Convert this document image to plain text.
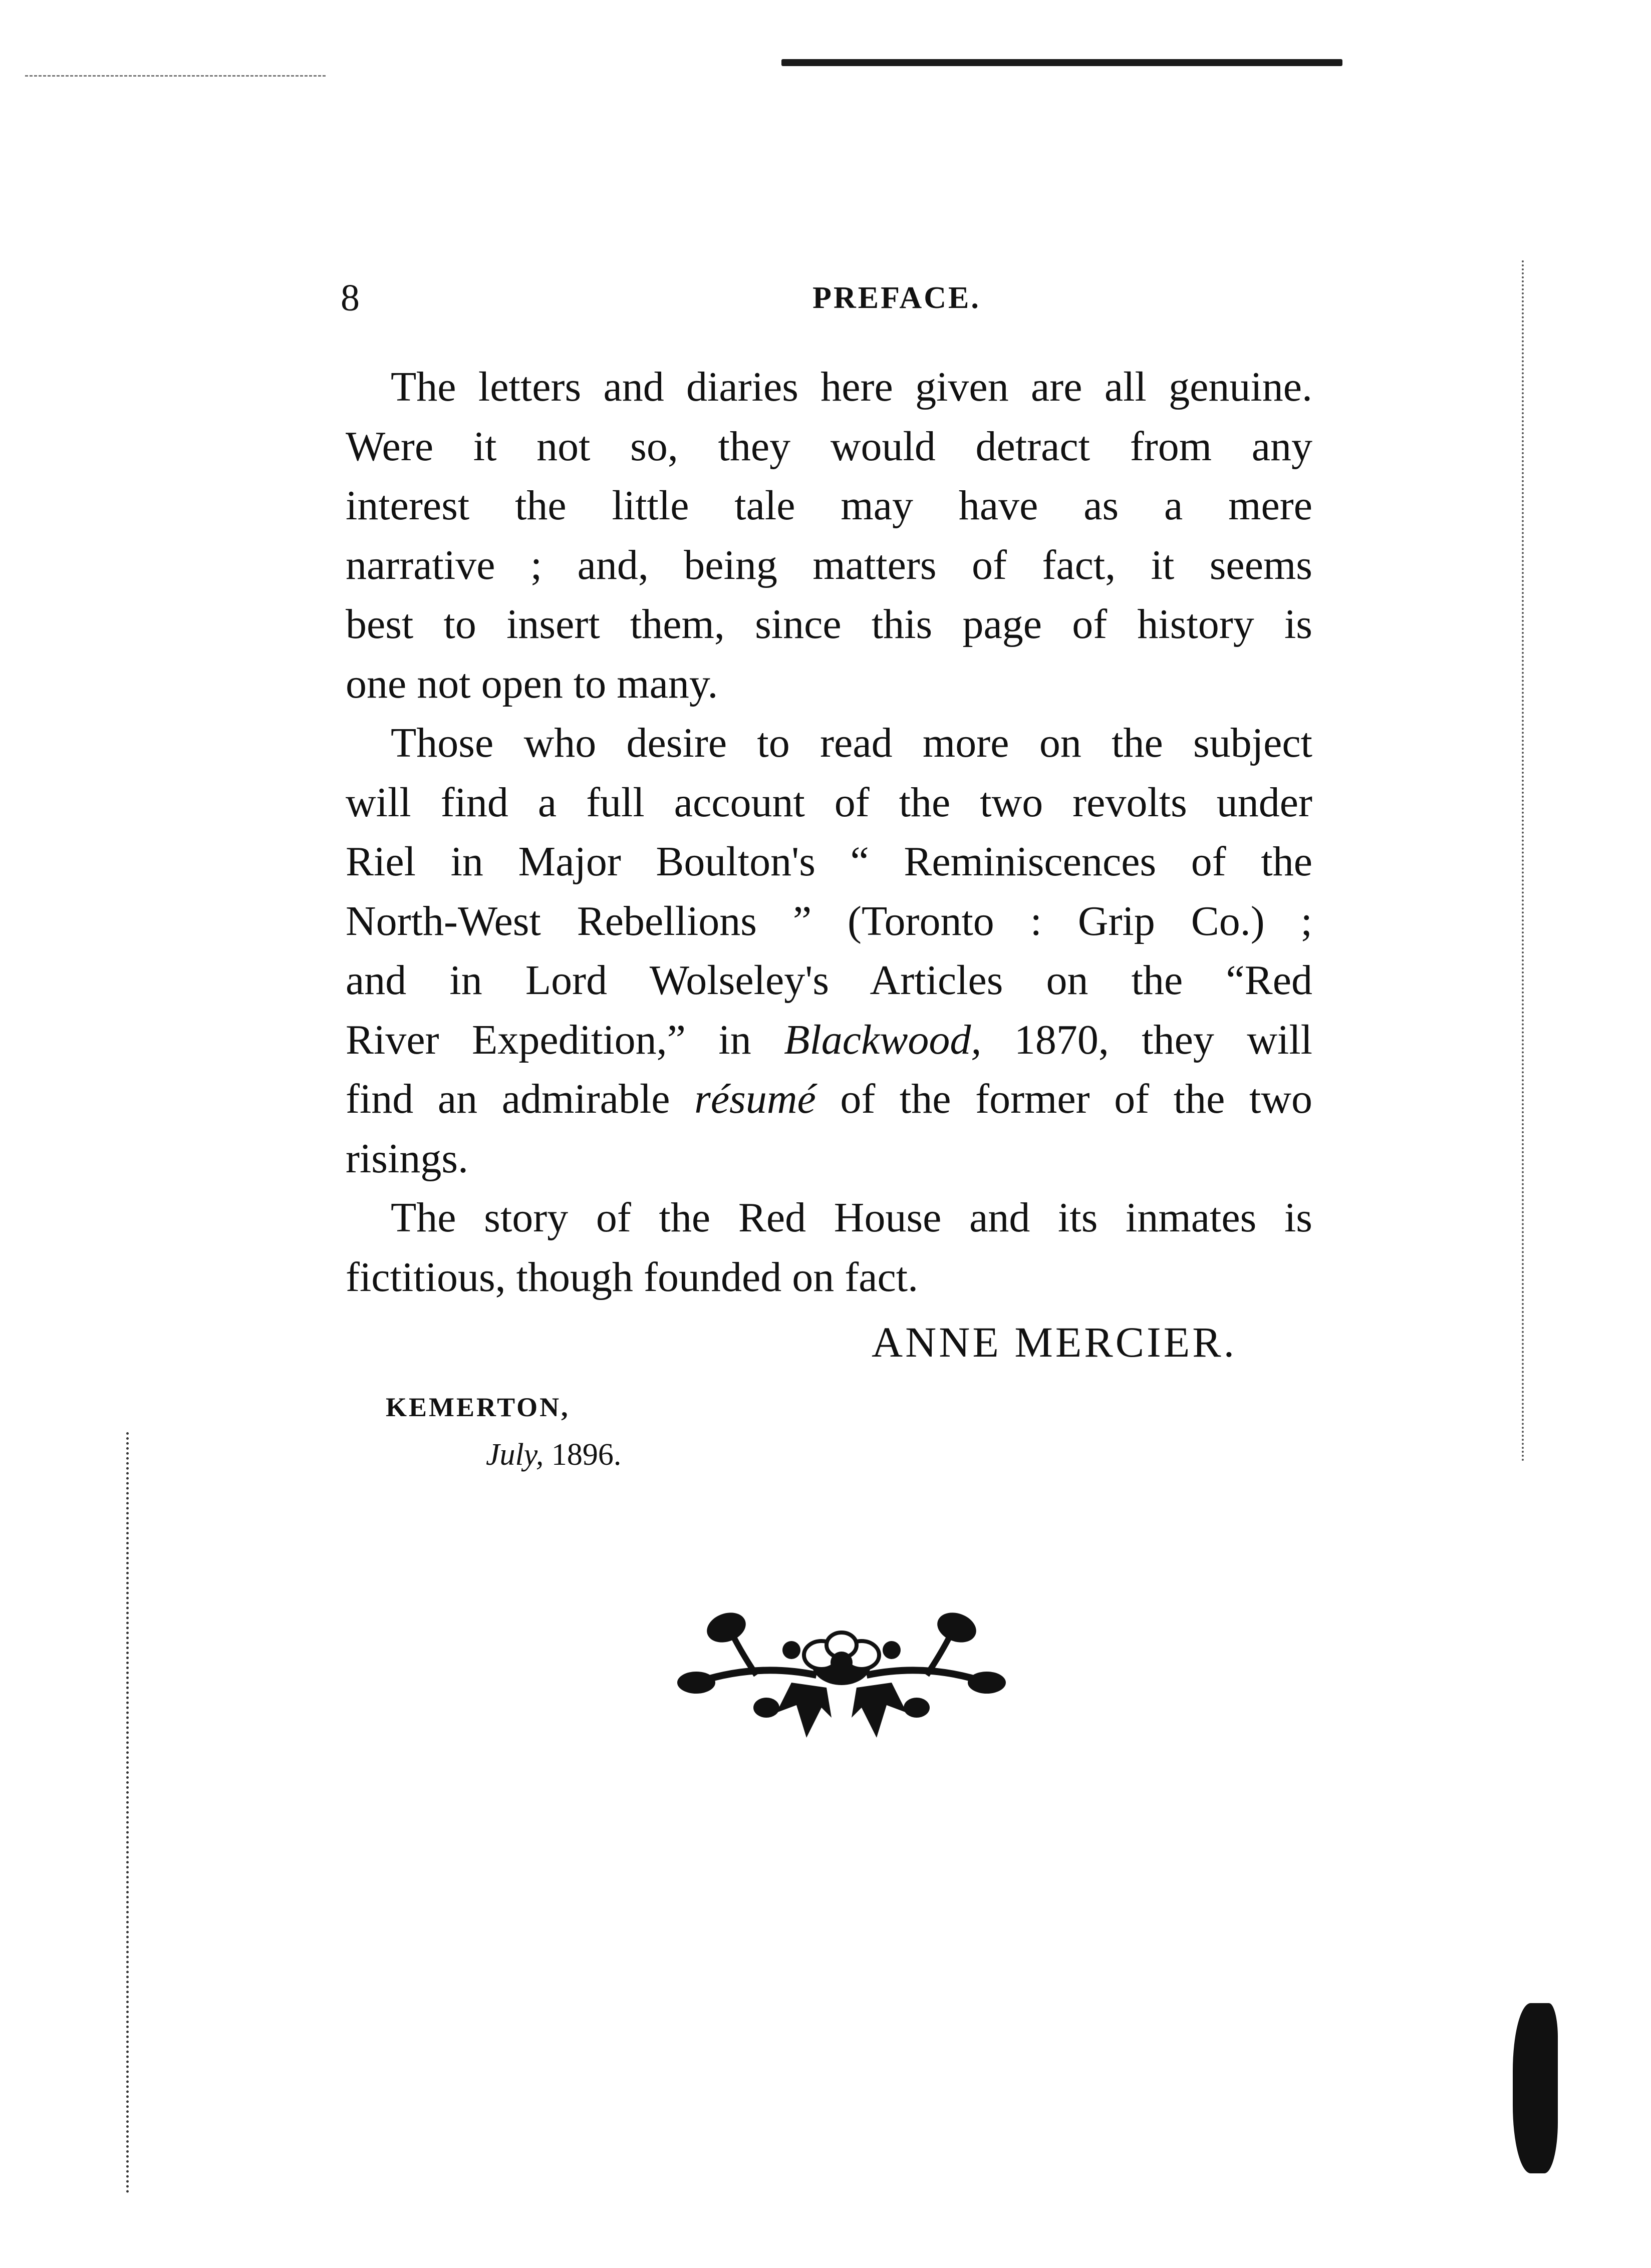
8	PREFACE.

The letters and diaries here given are all genuine.
Were it not so, they would detract from any
interest the little tale may have as a mere
narrative ; and, being matters of fact, it seems
best to insert them, since this page of history is
one not open to many.

Those who desire to read more on the subject
will find a full account of the two revolts under
Riel in Major Boulton's “ Reminiscences of the
North-West Rebellions ” (Toronto : Grip Co.) ;
and in Lord Wolseley's Articles on the “Red
River Expedition,” in Blackwood, 1870, they will
find an admirable résumé of the former of the two
risings.

The story of the Red House and its inmates is
fictitious, though founded on fact.

ANNE MERCIER.
KEMERTON,
July, 1896.
